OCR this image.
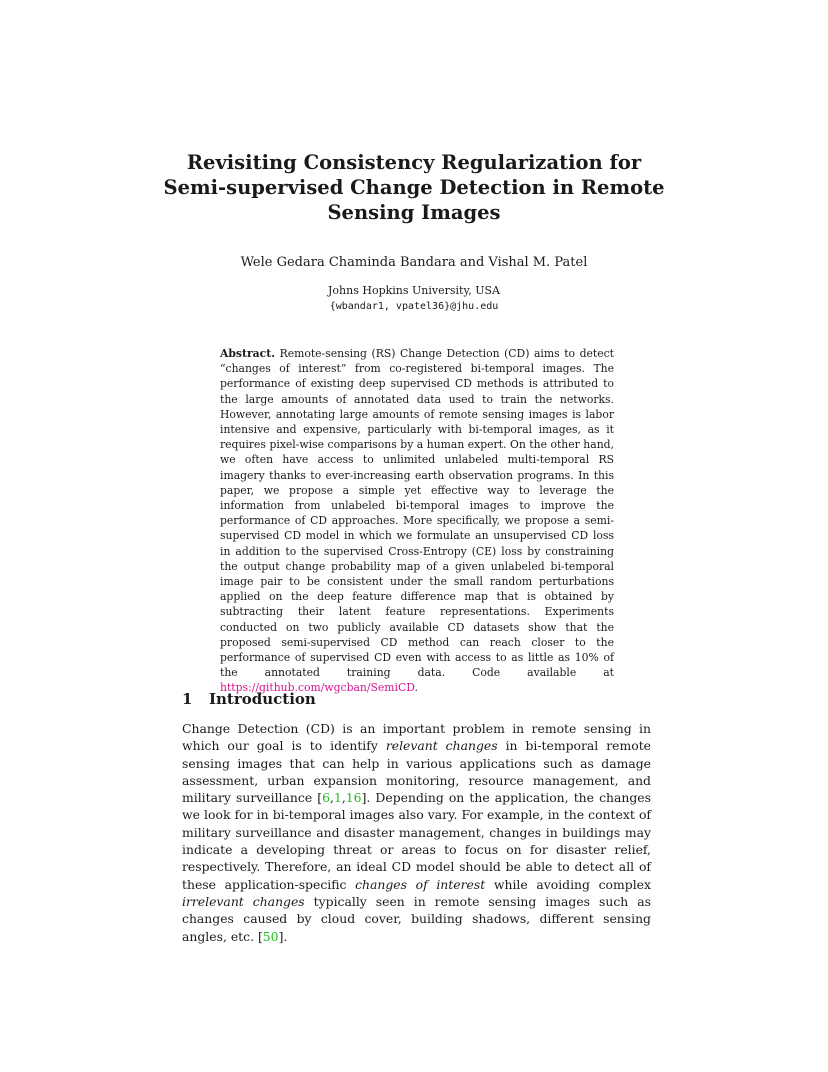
Revisiting Consistency Regularization for
Semi-supervised Change Detection in Remote
Sensing Images
Wele Gedara Chaminda Bandara and Vishal M. Patel
Johns Hopkins University, USA
{wbandar1, vpatel36}@jhu.edu
Abstract. Remote-sensing (RS) Change Detection (CD) aims to detect “changes of interest” from co-registered bi-temporal images. The performance of existing deep supervised CD methods is attributed to the large amounts of annotated data used to train the networks. However, annotating large amounts of remote sensing images is labor intensive and expensive, particularly with bi-temporal images, as it requires pixel-wise comparisons by a human expert. On the other hand, we often have access to unlimited unlabeled multi-temporal RS imagery thanks to ever-increasing earth observation programs. In this paper, we propose a simple yet effective way to leverage the information from unlabeled bi-temporal images to improve the performance of CD approaches. More specifically, we propose a semi-supervised CD model in which we formulate an unsupervised CD loss in addition to the supervised Cross-Entropy (CE) loss by constraining the output change probability map of a given unlabeled bi-temporal image pair to be consistent under the small random perturbations applied on the deep feature difference map that is obtained by subtracting their latent feature representations. Experiments conducted on two publicly available CD datasets show that the proposed semi-supervised CD method can reach closer to the performance of supervised CD even with access to as little as 10% of the annotated training data. Code available at https://github.com/wgcban/SemiCD.
1 Introduction
Change Detection (CD) is an important problem in remote sensing in which our goal is to identify relevant changes in bi-temporal remote sensing images that can help in various applications such as damage assessment, urban expansion monitoring, resource management, and military surveillance [6,1,16]. Depending on the application, the changes we look for in bi-temporal images also vary. For example, in the context of military surveillance and disaster management, changes in buildings may indicate a developing threat or areas to focus on for disaster relief, respectively. Therefore, an ideal CD model should be able to detect all of these application-specific changes of interest while avoiding complex irrelevant changes typically seen in remote sensing images such as changes caused by cloud cover, building shadows, different sensing angles, etc. [50].
